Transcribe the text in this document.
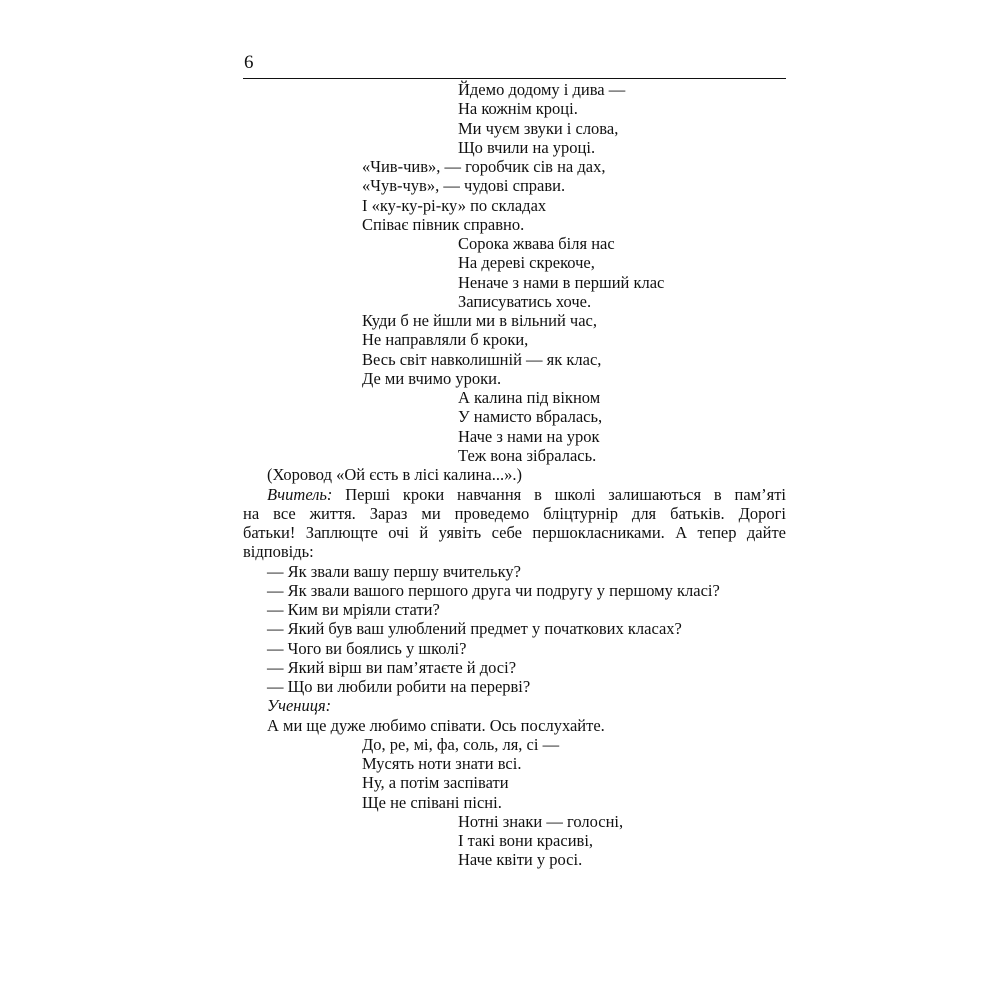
6
Йдемо додому і дива —
На кожнім кроці.
Ми чуєм звуки і слова,
Що вчили на уроці.
«Чив-чив», — горобчик сів на дах,
«Чув-чув», — чудові справи.
І «ку-ку-рі-ку» по складах
Співає півник справно.
Сорока жвава біля нас
На дереві скрекоче,
Неначе з нами в перший клас
Записуватись хоче.
Куди б не йшли ми в вільний час,
Не направляли б кроки,
Весь світ навколишній — як клас,
Де ми вчимо уроки.
А калина під вікном
У намисто вбралась,
Наче з нами на урок
Теж вона зібралась.
(Хоровод «Ой єсть в лісі калина...».)
Вчитель: Перші кроки навчання в школі залишаються в пам’яті
на все життя. Зараз ми проведемо бліцтурнір для батьків. Дорогі
батьки! Заплющте очі й уявіть себе першокласниками. А тепер дайте
відповідь:
— Як звали вашу першу вчительку?
— Як звали вашого першого друга чи подругу у першому класі?
— Ким ви мріяли стати?
— Який був ваш улюблений предмет у початкових класах?
— Чого ви боялись у школі?
— Який вірш ви пам’ятаєте й досі?
— Що ви любили робити на перерві?
Учениця:
А ми ще дуже любимо співати. Ось послухайте.
До, ре, мі, фа, соль, ля, сі —
Мусять ноти знати всі.
Ну, а потім заспівати
Ще не співані пісні.
Нотні знаки — голосні,
І такі вони красиві,
Наче квіти у росі.
